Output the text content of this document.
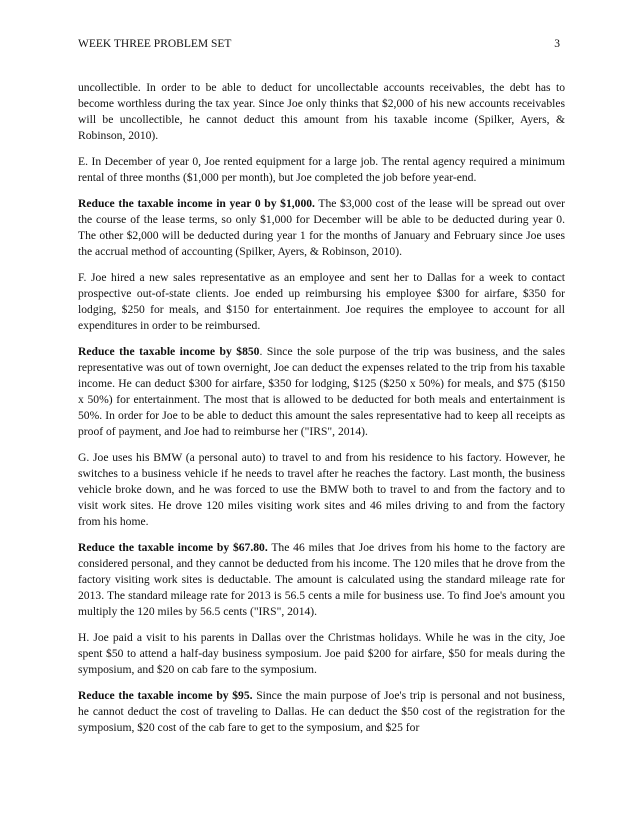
WEEK THREE PROBLEM SET	3

uncollectible. In order to be able to deduct for uncollectable accounts receivables, the debt has to become worthless during the tax year. Since Joe only thinks that $2,000 of his new accounts receivables will be uncollectible, he cannot deduct this amount from his taxable income (Spilker, Ayers, & Robinson, 2010).

E. In December of year 0, Joe rented equipment for a large job. The rental agency required a minimum rental of three months ($1,000 per month), but Joe completed the job before year-end.

Reduce the taxable income in year 0 by $1,000. The $3,000 cost of the lease will be spread out over the course of the lease terms, so only $1,000 for December will be able to be deducted during year 0. The other $2,000 will be deducted during year 1 for the months of January and February since Joe uses the accrual method of accounting (Spilker, Ayers, & Robinson, 2010).

F. Joe hired a new sales representative as an employee and sent her to Dallas for a week to contact prospective out-of-state clients. Joe ended up reimbursing his employee $300 for airfare, $350 for lodging, $250 for meals, and $150 for entertainment. Joe requires the employee to account for all expenditures in order to be reimbursed.

Reduce the taxable income by $850. Since the sole purpose of the trip was business, and the sales representative was out of town overnight, Joe can deduct the expenses related to the trip from his taxable income. He can deduct $300 for airfare, $350 for lodging, $125 ($250 x 50%) for meals, and $75 ($150 x 50%) for entertainment. The most that is allowed to be deducted for both meals and entertainment is 50%. In order for Joe to be able to deduct this amount the sales representative had to keep all receipts as proof of payment, and Joe had to reimburse her ("IRS", 2014).

G. Joe uses his BMW (a personal auto) to travel to and from his residence to his factory. However, he switches to a business vehicle if he needs to travel after he reaches the factory. Last month, the business vehicle broke down, and he was forced to use the BMW both to travel to and from the factory and to visit work sites. He drove 120 miles visiting work sites and 46 miles driving to and from the factory from his home.

Reduce the taxable income by $67.80. The 46 miles that Joe drives from his home to the factory are considered personal, and they cannot be deducted from his income. The 120 miles that he drove from the factory visiting work sites is deductable. The amount is calculated using the standard mileage rate for 2013. The standard mileage rate for 2013 is 56.5 cents a mile for business use. To find Joe's amount you multiply the 120 miles by 56.5 cents ("IRS", 2014).

H. Joe paid a visit to his parents in Dallas over the Christmas holidays. While he was in the city, Joe spent $50 to attend a half-day business symposium. Joe paid $200 for airfare, $50 for meals during the symposium, and $20 on cab fare to the symposium.

Reduce the taxable income by $95. Since the main purpose of Joe's trip is personal and not business, he cannot deduct the cost of traveling to Dallas. He can deduct the $50 cost of the registration for the symposium, $20 cost of the cab fare to get to the symposium, and $25 for
